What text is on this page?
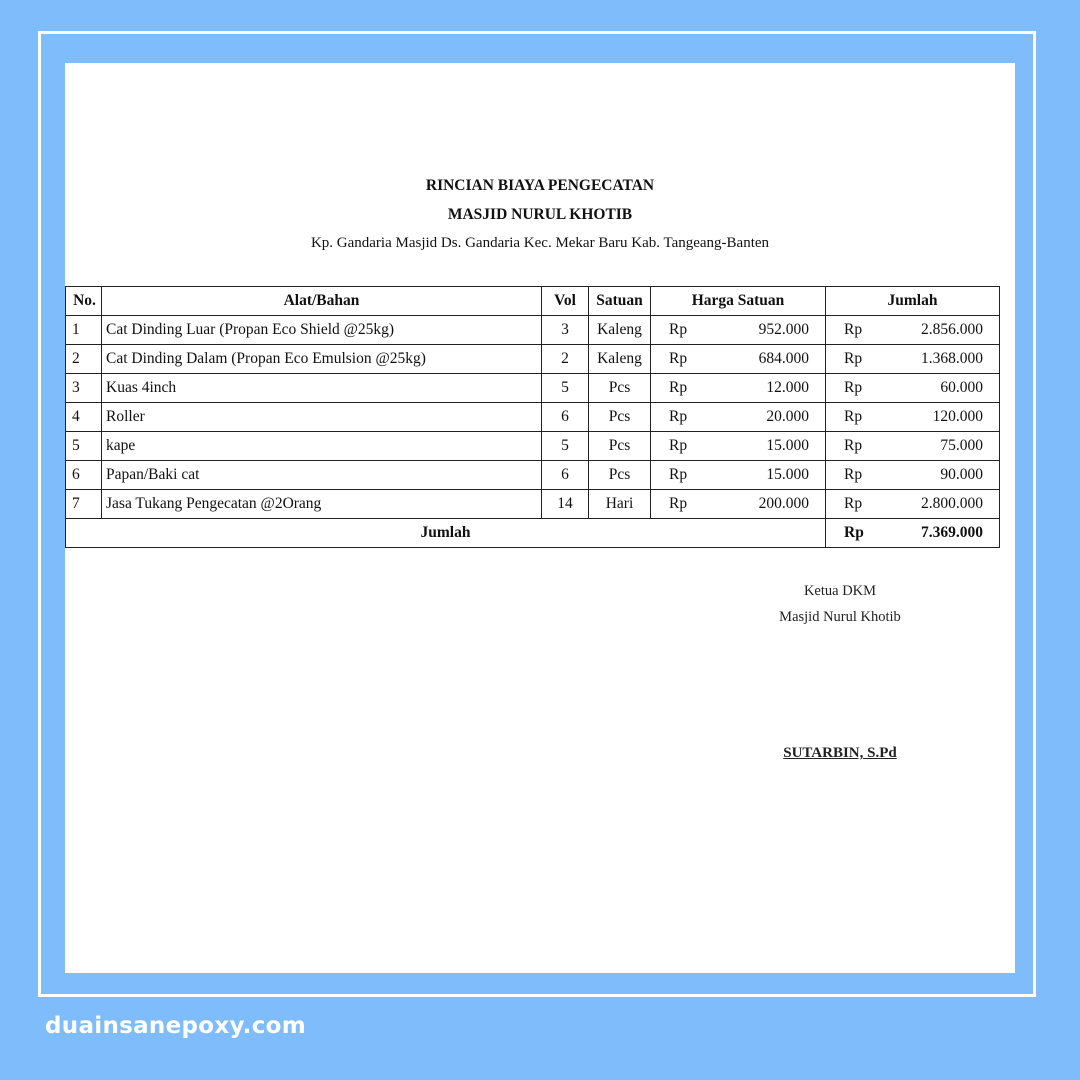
RINCIAN BIAYA PENGECATAN
MASJID NURUL KHOTIB
Kp. Gandaria Masjid Ds. Gandaria Kec. Mekar Baru Kab. Tangeang-Banten
No.	Alat/Bahan	Vol	Satuan	Harga Satuan	Jumlah
1	Cat Dinding Luar (Propan Eco Shield @25kg)	3	Kaleng	Rp 952.000	Rp 2.856.000

2	Cat Dinding Dalam (Propan Eco Emulsion @25kg)	2	Kaleng	Rp 684.000	Rp 1.368.000

3	Kuas 4inch	5	Pcs	Rp 12.000	Rp 60.000

4	Roller	6	Pcs	Rp 20.000	Rp 120.000

5	kape	5	Pcs	Rp 15.000	Rp 75.000

6	Papan/Baki cat	6	Pcs	Rp 15.000	Rp 90.000

7	Jasa Tukang Pengecatan @2Orang	14	Hari	Rp 200.000	Rp 2.800.000

Jumlah					Rp 7.369.000
Ketua DKM
Masjid Nurul Khotib
SUTARBIN, S.Pd
duainsanepoxy.com
